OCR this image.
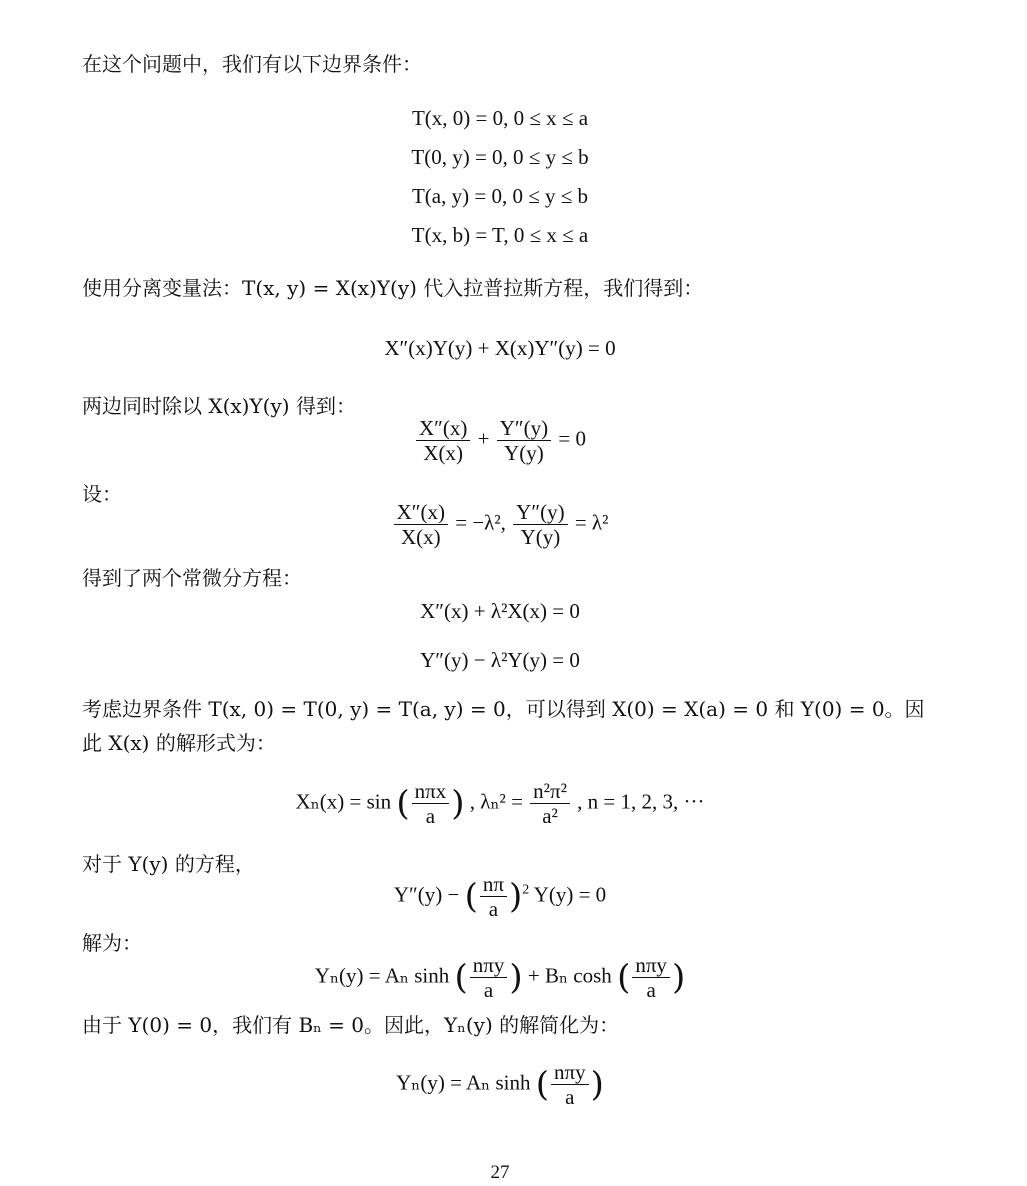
在这个问题中，我们有以下边界条件：
T(x, 0) = 0, 0 ≤ x ≤ a
T(0, y) = 0, 0 ≤ y ≤ b
T(a, y) = 0, 0 ≤ y ≤ b
T(x, b) = T, 0 ≤ x ≤ a
使用分离变量法：T(x, y) = X(x)Y(y) 代入拉普拉斯方程，我们得到：
X″(x)Y(y) + X(x)Y″(y) = 0
两边同时除以 X(x)Y(y) 得到：
$\frac{X''(x)}{X(x)} + \frac{Y''(y)}{Y(y)} = 0$
设：
$\frac{X''(x)}{X(x)} = -\lambda^2$, $\frac{Y''(y)}{Y(y)} = \lambda^2$
得到了两个常微分方程：
X″(x) + λ²X(x) = 0
Y″(y) − λ²Y(y) = 0
考虑边界条件 T(x, 0) = T(0, y) = T(a, y) = 0，可以得到 X(0) = X(a) = 0 和 Y(0) = 0。因
此 X(x) 的解形式为：
Xₙ(x) = sin ( $\frac{\text{nπx}}{a}$ ) , $\lambda_n^2 = \frac{\text{n²π²}}{\text{a²}}$ , n = 1, 2, 3, ···
对于 Y(y) 的方程，
Y″(y) − ( $\frac{n\pi}{a} )^2$ Y(y) = 0
解为：
Yₙ(y) = Aₙ sinh ( $\frac{\text{nπy}}{a}$ ) + Bₙ cosh ( $\frac{\text{nπy}}{a}$ )
由于 Y(0) = 0，我们有 Bₙ = 0。因此，Yₙ(y) 的解简化为：
Yₙ(y) = Aₙ sinh ( $\frac{\text{nπy}}{a}$ )
27
